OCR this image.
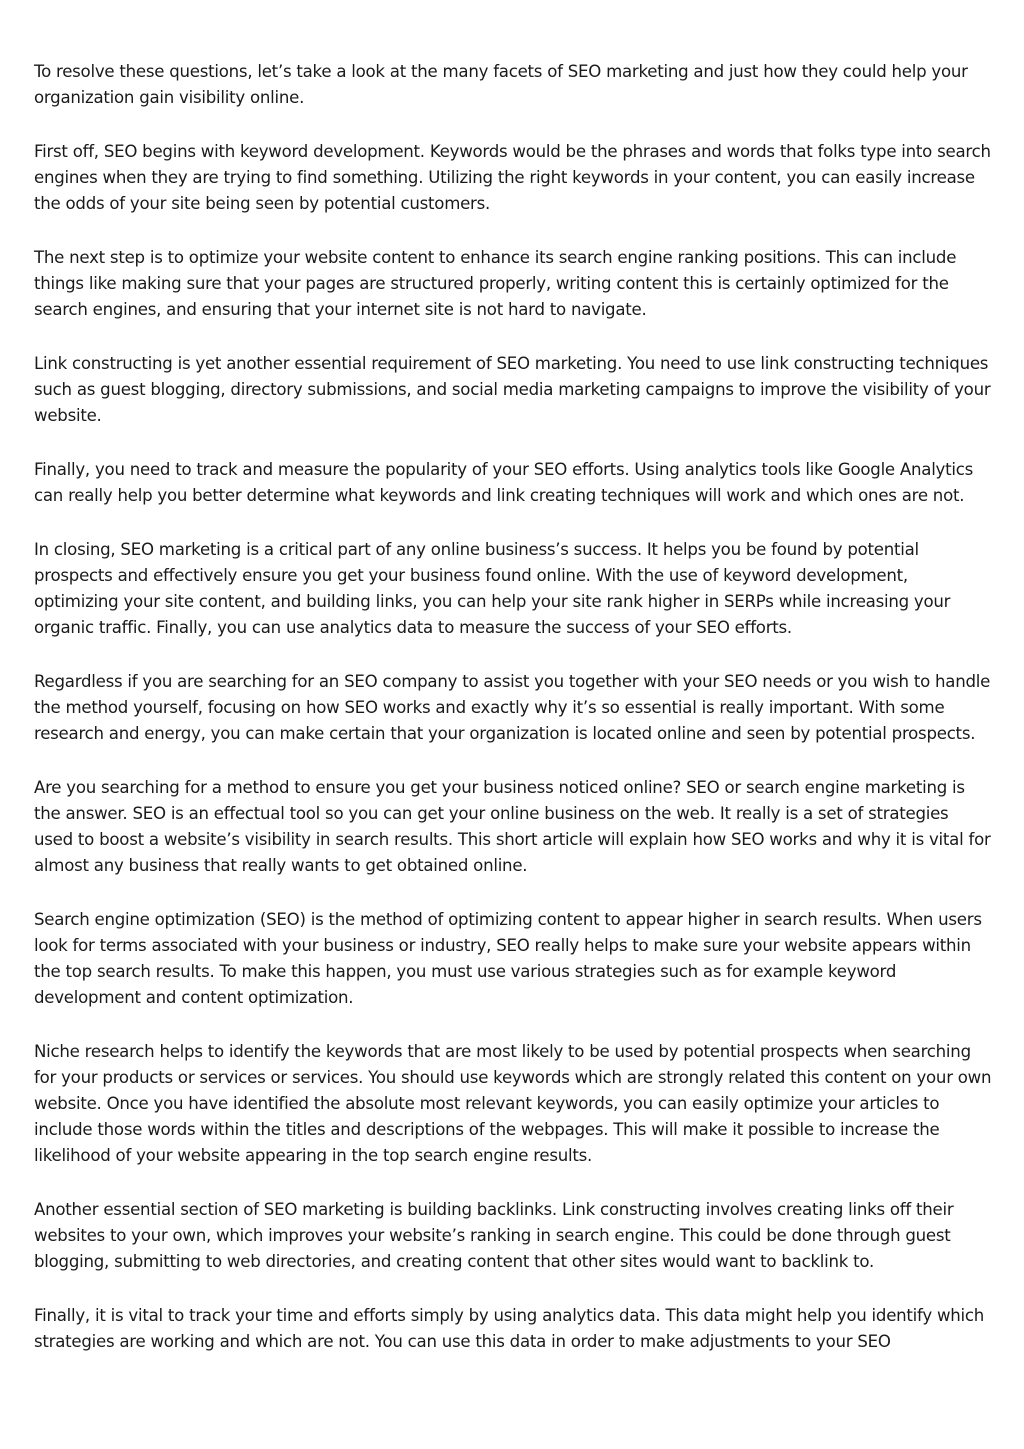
To resolve these questions, let’s take a look at the many facets of SEO marketing and just how they could help your organization gain visibility online.

First off, SEO begins with keyword development. Keywords would be the phrases and words that folks type into search engines when they are trying to find something. Utilizing the right keywords in your content, you can easily increase the odds of your site being seen by potential customers.

The next step is to optimize your website content to enhance its search engine ranking positions. This can include things like making sure that your pages are structured properly, writing content this is certainly optimized for the search engines, and ensuring that your internet site is not hard to navigate.

Link constructing is yet another essential requirement of SEO marketing. You need to use link constructing techniques such as guest blogging, directory submissions, and social media marketing campaigns to improve the visibility of your website.

Finally, you need to track and measure the popularity of your SEO efforts. Using analytics tools like Google Analytics can really help you better determine what keywords and link creating techniques will work and which ones are not.

In closing, SEO marketing is a critical part of any online business’s success. It helps you be found by potential prospects and effectively ensure you get your business found online. With the use of keyword development, optimizing your site content, and building links, you can help your site rank higher in SERPs while increasing your organic traffic. Finally, you can use analytics data to measure the success of your SEO efforts.

Regardless if you are searching for an SEO company to assist you together with your SEO needs or you wish to handle the method yourself, focusing on how SEO works and exactly why it’s so essential is really important. With some research and energy, you can make certain that your organization is located online and seen by potential prospects.

Are you searching for a method to ensure you get your business noticed online? SEO or search engine marketing is the answer. SEO is an effectual tool so you can get your online business on the web. It really is a set of strategies used to boost a website’s visibility in search results. This short article will explain how SEO works and why it is vital for almost any business that really wants to get obtained online.

Search engine optimization (SEO) is the method of optimizing content to appear higher in search results. When users look for terms associated with your business or industry, SEO really helps to make sure your website appears within the top search results. To make this happen, you must use various strategies such as for example keyword development and content optimization.

Niche research helps to identify the keywords that are most likely to be used by potential prospects when searching for your products or services or services. You should use keywords which are strongly related this content on your own website. Once you have identified the absolute most relevant keywords, you can easily optimize your articles to include those words within the titles and descriptions of the webpages. This will make it possible to increase the likelihood of your website appearing in the top search engine results.

Another essential section of SEO marketing is building backlinks. Link constructing involves creating links off their websites to your own, which improves your website’s ranking in search engine. This could be done through guest blogging, submitting to web directories, and creating content that other sites would want to backlink to.

Finally, it is vital to track your time and efforts simply by using analytics data. This data might help you identify which strategies are working and which are not. You can use this data in order to make adjustments to your SEO
